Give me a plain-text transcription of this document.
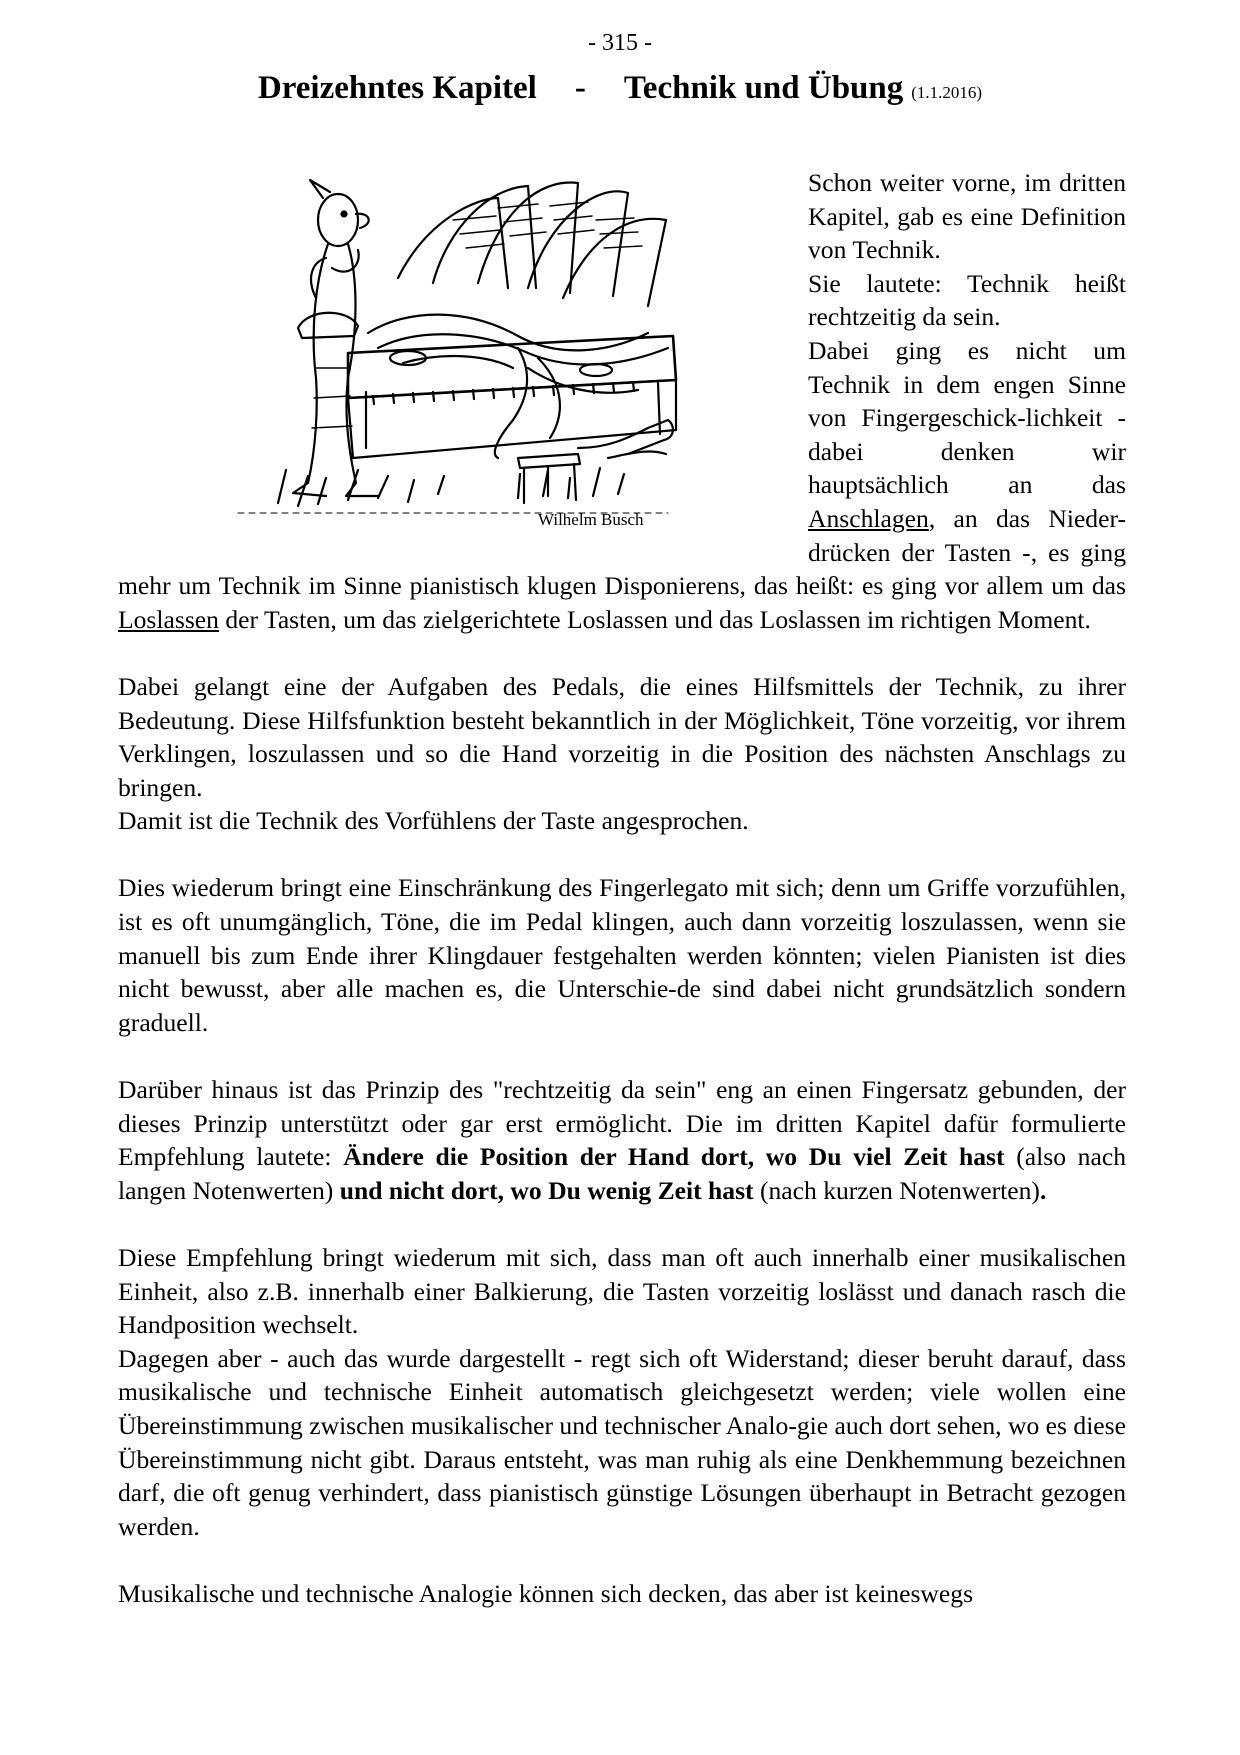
- 315 -
Dreizehntes Kapitel - Technik und Übung (1.1.2016)
Wilhelm Busch

Schon weiter vorne, im dritten Kapitel, gab es eine Definition von Technik.
Sie lautete: Technik heißt rechtzeitig da sein.
Dabei ging es nicht um Technik in dem engen Sinne von Fingergeschick-lichkeit - dabei denken wir hauptsächlich an das Anschlagen, an das Nieder-drücken der Tasten -, es ging mehr um Technik im Sinne pianistisch klugen Disponierens, das heißt: es ging vor allem um das Loslassen der Tasten, um das zielgerichtete Loslassen und das Loslassen im richtigen Moment.

Dabei gelangt eine der Aufgaben des Pedals, die eines Hilfsmittels der Technik, zu ihrer Bedeutung. Diese Hilfsfunktion besteht bekanntlich in der Möglichkeit, Töne vorzeitig, vor ihrem Verklingen, loszulassen und so die Hand vorzeitig in die Position des nächsten Anschlags zu bringen.
Damit ist die Technik des Vorfühlens der Taste angesprochen.

Dies wiederum bringt eine Einschränkung des Fingerlegato mit sich; denn um Griffe vorzufühlen, ist es oft unumgänglich, Töne, die im Pedal klingen, auch dann vorzeitig loszulassen, wenn sie manuell bis zum Ende ihrer Klingdauer festgehalten werden könnten; vielen Pianisten ist dies nicht bewusst, aber alle machen es, die Unterschie-de sind dabei nicht grundsätzlich sondern graduell.

Darüber hinaus ist das Prinzip des "rechtzeitig da sein" eng an einen Fingersatz gebunden, der dieses Prinzip unterstützt oder gar erst ermöglicht. Die im dritten Kapitel dafür formulierte Empfehlung lautete: Ändere die Position der Hand dort, wo Du viel Zeit hast (also nach langen Notenwerten) und nicht dort, wo Du wenig Zeit hast (nach kurzen Notenwerten).

Diese Empfehlung bringt wiederum mit sich, dass man oft auch innerhalb einer musikalischen Einheit, also z.B. innerhalb einer Balkierung, die Tasten vorzeitig loslässt und danach rasch die Handposition wechselt.
Dagegen aber - auch das wurde dargestellt - regt sich oft Widerstand; dieser beruht darauf, dass musikalische und technische Einheit automatisch gleichgesetzt werden; viele wollen eine Übereinstimmung zwischen musikalischer und technischer Analo-gie auch dort sehen, wo es diese Übereinstimmung nicht gibt. Daraus entsteht, was man ruhig als eine Denkhemmung bezeichnen darf, die oft genug verhindert, dass pianistisch günstige Lösungen überhaupt in Betracht gezogen werden.

Musikalische und technische Analogie können sich decken, das aber ist keineswegs
